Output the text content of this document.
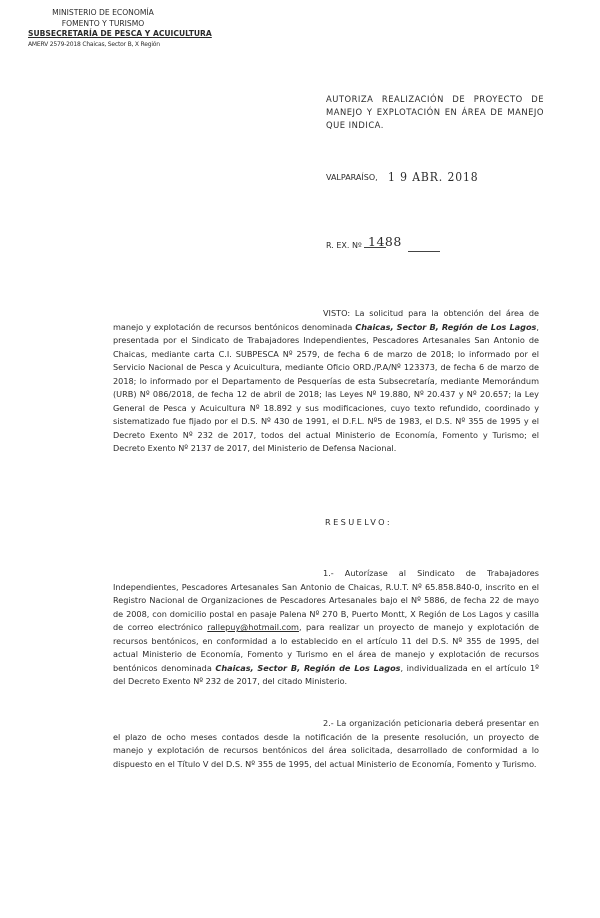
MINISTERIO DE ECONOMÍA
FOMENTO Y TURISMO
SUBSECRETARÍA DE PESCA Y ACUICULTURA
AMERV 2579-2018 Chaicas, Sector B, X Región
AUTORIZA REALIZACIÓN DE PROYECTO DE MANEJO Y EXPLOTACIÓN EN ÁREA DE MANEJO QUE INDICA.
VALPARAÍSO, 1 9 ABR. 2018
R. EX. Nº 1488
VISTO: La solicitud para la obtención del área de manejo y explotación de recursos bentónicos denominada Chaicas, Sector B, Región de Los Lagos, presentada por el Sindicato de Trabajadores Independientes, Pescadores Artesanales San Antonio de Chaicas, mediante carta C.I. SUBPESCA Nº 2579, de fecha 6 de marzo de 2018; lo informado por el Servicio Nacional de Pesca y Acuicultura, mediante Oficio ORD./P.A/Nº 123373, de fecha 6 de marzo de 2018; lo informado por el Departamento de Pesquerías de esta Subsecretaría, mediante Memorándum (URB) Nº 086/2018, de fecha 12 de abril de 2018; las Leyes Nº 19.880, Nº 20.437 y Nº 20.657; la Ley General de Pesca y Acuicultura Nº 18.892 y sus modificaciones, cuyo texto refundido, coordinado y sistematizado fue fijado por el D.S. Nº 430 de 1991, el D.F.L. Nº5 de 1983, el D.S. Nº 355 de 1995 y el Decreto Exento Nº 232 de 2017, todos del actual Ministerio de Economía, Fomento y Turismo; el Decreto Exento Nº 2137 de 2017, del Ministerio de Defensa Nacional.
RESUELVO:
1.- Autorízase al Sindicato de Trabajadores Independientes, Pescadores Artesanales San Antonio de Chaicas, R.U.T. Nº 65.858.840-0, inscrito en el Registro Nacional de Organizaciones de Pescadores Artesanales bajo el Nº 5886, de fecha 22 de mayo de 2008, con domicilio postal en pasaje Palena Nº 270 B, Puerto Montt, X Región de Los Lagos y casilla de correo electrónico rallepuy@hotmail.com, para realizar un proyecto de manejo y explotación de recursos bentónicos, en conformidad a lo establecido en el artículo 11 del D.S. Nº 355 de 1995, del actual Ministerio de Economía, Fomento y Turismo en el área de manejo y explotación de recursos bentónicos denominada Chaicas, Sector B, Región de Los Lagos, individualizada en el artículo 1º del Decreto Exento Nº 232 de 2017, del citado Ministerio.
2.- La organización peticionaria deberá presentar en el plazo de ocho meses contados desde la notificación de la presente resolución, un proyecto de manejo y explotación de recursos bentónicos del área solicitada, desarrollado de conformidad a lo dispuesto en el Título V del D.S. Nº 355 de 1995, del actual Ministerio de Economía, Fomento y Turismo.
